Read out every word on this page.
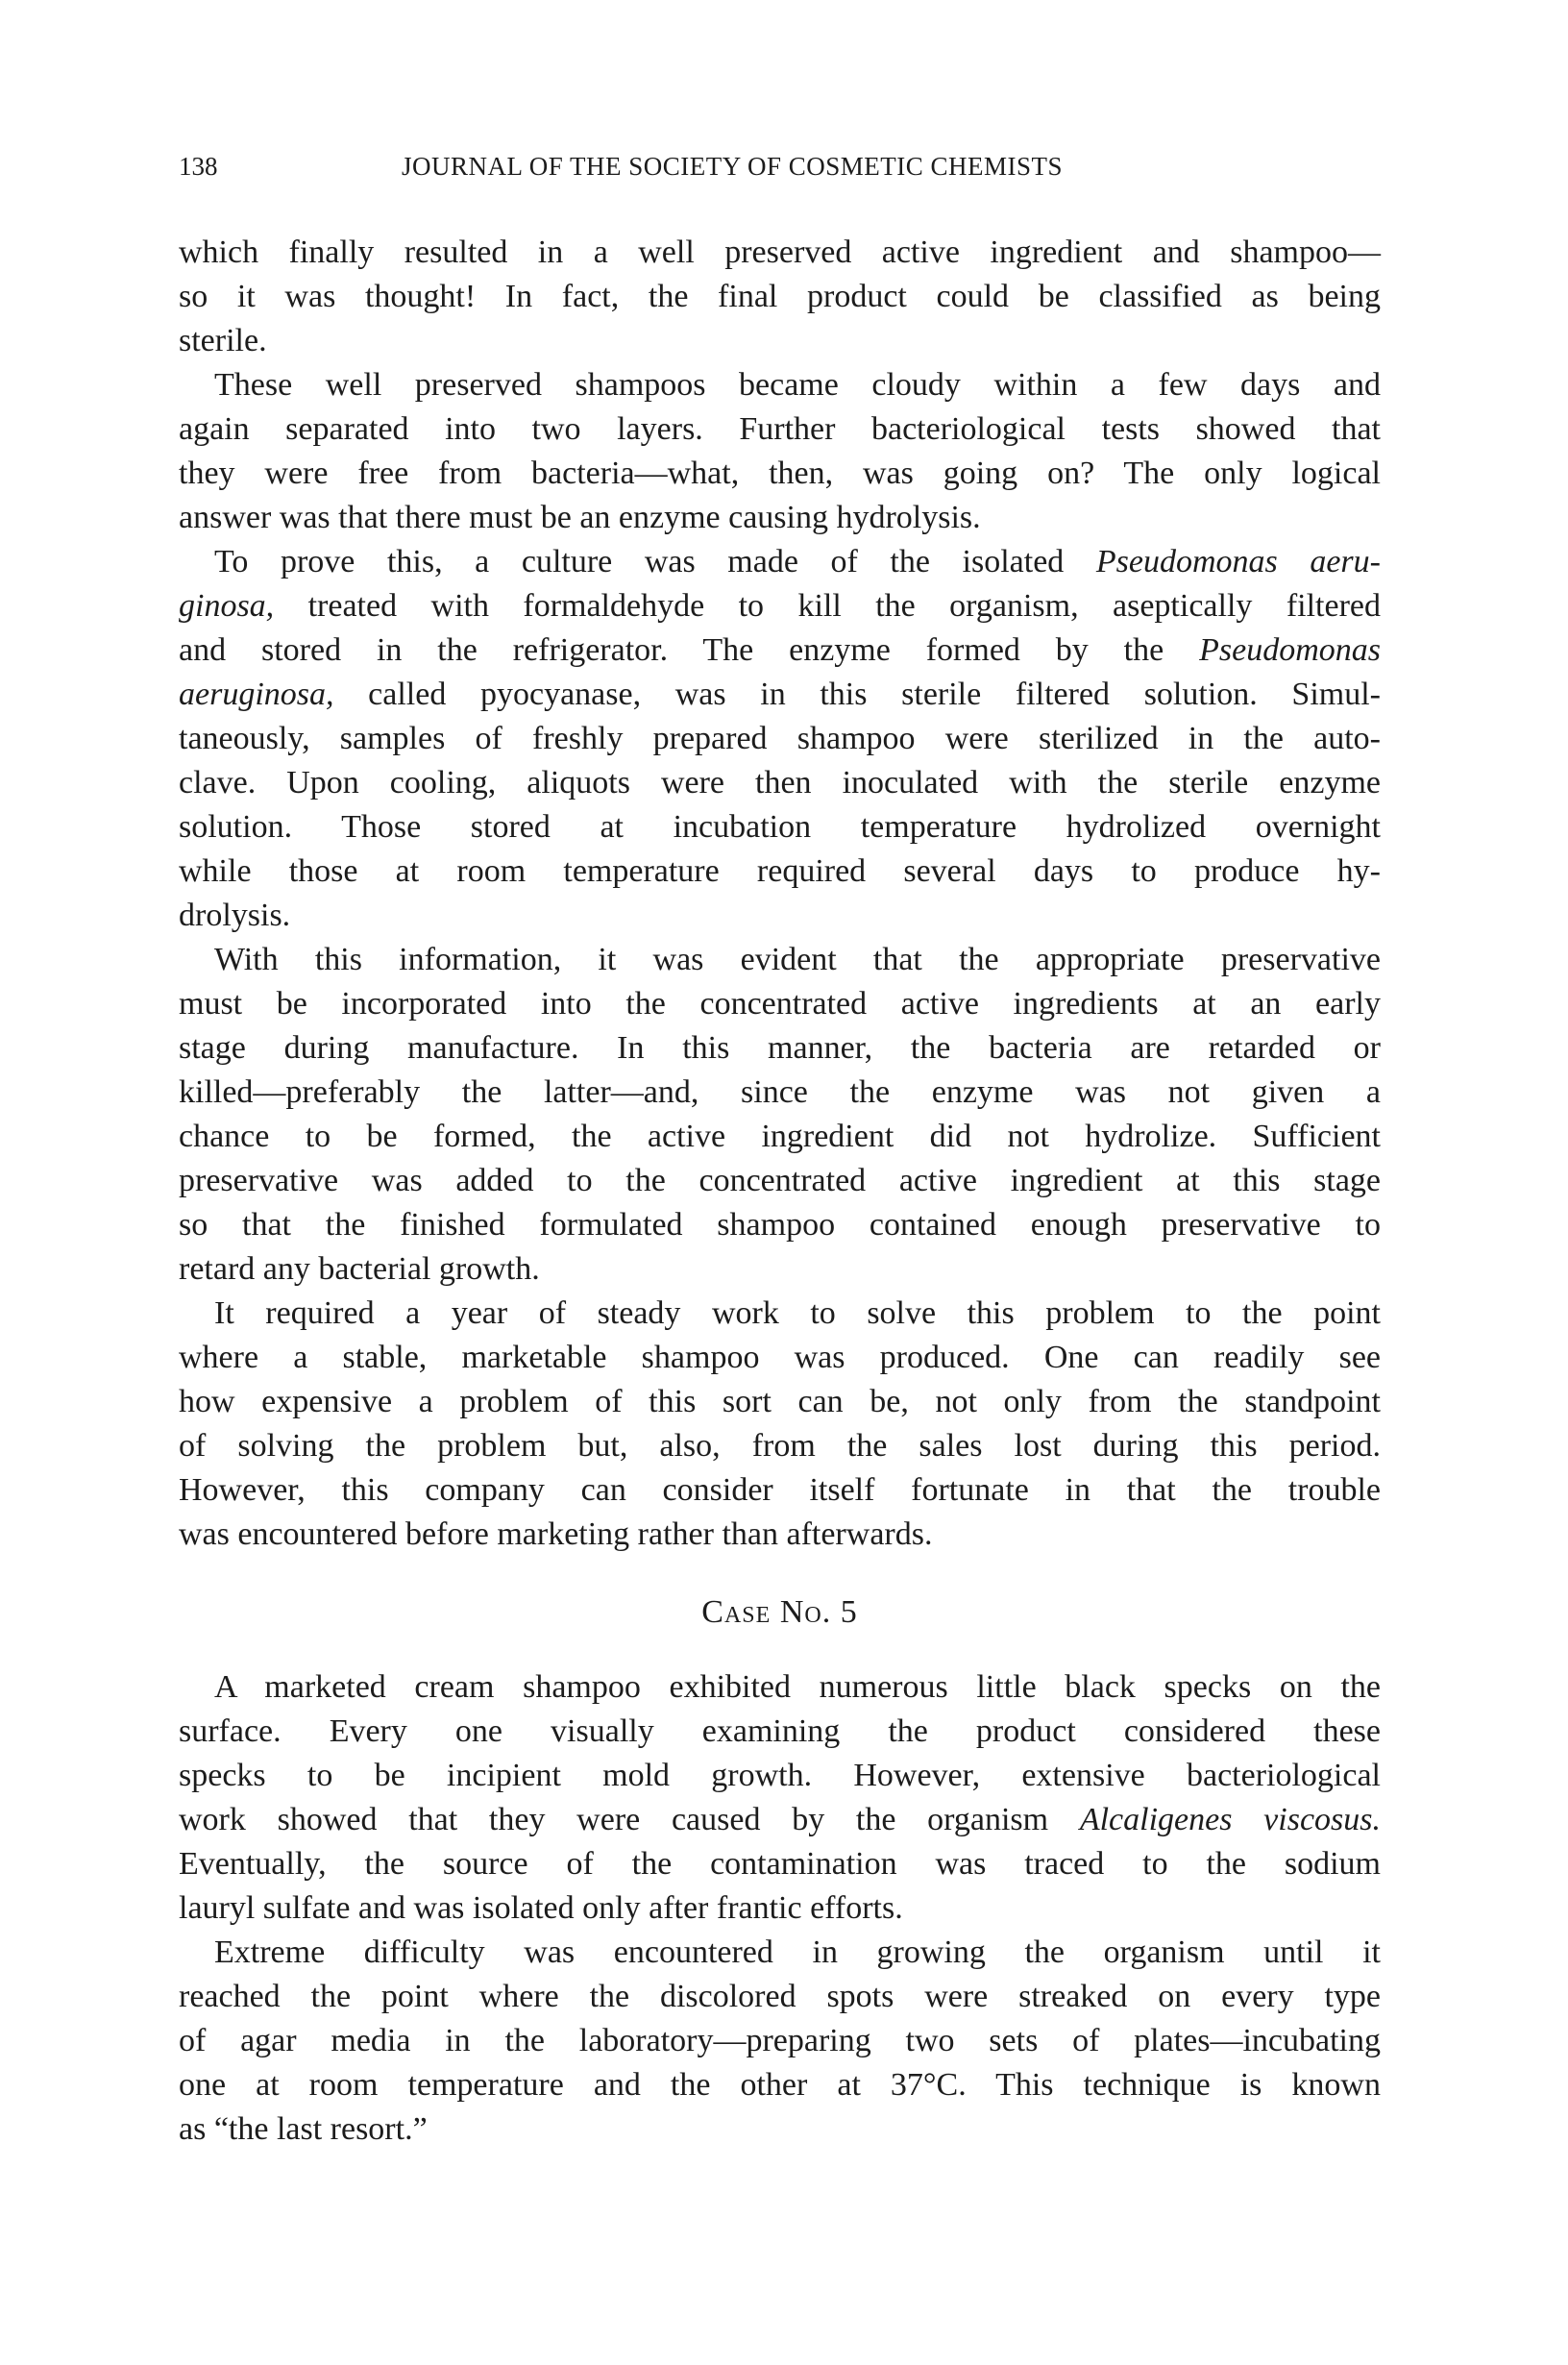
138	JOURNAL OF THE SOCIETY OF COSMETIC CHEMISTS
which finally resulted in a well preserved active ingredient and shampoo—
so it was thought! In fact, the final product could be classified as being
sterile.
These well preserved shampoos became cloudy within a few days and
again separated into two layers. Further bacteriological tests showed that
they were free from bacteria—what, then, was going on? The only logical
answer was that there must be an enzyme causing hydrolysis.
To prove this, a culture was made of the isolated Pseudomonas aeru-
ginosa, treated with formaldehyde to kill the organism, aseptically filtered
and stored in the refrigerator. The enzyme formed by the Pseudomonas
aeruginosa, called pyocyanase, was in this sterile filtered solution. Simul-
taneously, samples of freshly prepared shampoo were sterilized in the auto-
clave. Upon cooling, aliquots were then inoculated with the sterile enzyme
solution. Those stored at incubation temperature hydrolized overnight
while those at room temperature required several days to produce hy-
drolysis.
With this information, it was evident that the appropriate preservative
must be incorporated into the concentrated active ingredients at an early
stage during manufacture. In this manner, the bacteria are retarded or
killed—preferably the latter—and, since the enzyme was not given a
chance to be formed, the active ingredient did not hydrolize. Sufficient
preservative was added to the concentrated active ingredient at this stage
so that the finished formulated shampoo contained enough preservative to
retard any bacterial growth.
It required a year of steady work to solve this problem to the point
where a stable, marketable shampoo was produced. One can readily see
how expensive a problem of this sort can be, not only from the standpoint
of solving the problem but, also, from the sales lost during this period.
However, this company can consider itself fortunate in that the trouble
was encountered before marketing rather than afterwards.
Case No. 5
A marketed cream shampoo exhibited numerous little black specks on the
surface. Every one visually examining the product considered these
specks to be incipient mold growth. However, extensive bacteriological
work showed that they were caused by the organism Alcaligenes viscosus.
Eventually, the source of the contamination was traced to the sodium
lauryl sulfate and was isolated only after frantic efforts.
Extreme difficulty was encountered in growing the organism until it
reached the point where the discolored spots were streaked on every type
of agar media in the laboratory—preparing two sets of plates—incubating
one at room temperature and the other at 37°C. This technique is known
as “the last resort.”
